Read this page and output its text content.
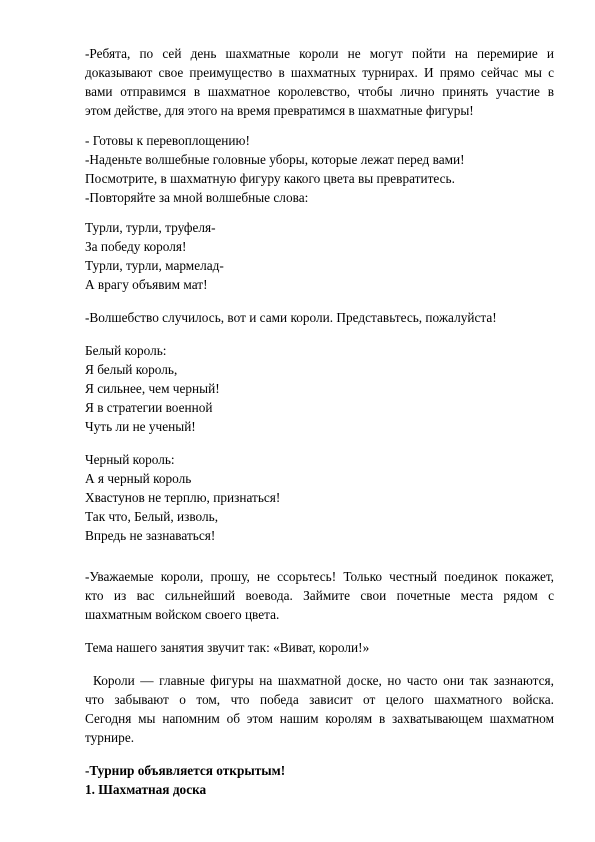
-Ребята, по сей день шахматные короли не могут пойти на перемирие и
доказывают свое преимущество в шахматных турнирах. И прямо сейчас мы с
вами отправимся в шахматное королевство, чтобы лично принять участие в
этом действе, для этого на время превратимся в шахматные фигуры!
- Готовы к перевоплощению!
-Наденьте волшебные головные уборы, которые лежат перед вами!
Посмотрите, в шахматную фигуру какого цвета вы превратитесь.
-Повторяйте за мной волшебные слова:
Турли, турли, труфеля-
За победу короля!
Турли, турли, мармелад-
А врагу объявим мат!
-Волшебство случилось, вот и сами короли. Представьтесь, пожалуйста!
Белый король:
Я белый король,
Я сильнее, чем черный!
Я в стратегии военной
Чуть ли не ученый!
Черный король:
А я черный король
Хвастунов не терплю, признаться!
Так что, Белый, изволь,
Впредь не зазнаваться!
-Уважаемые короли, прошу, не ссорьтесь! Только честный поединок покажет,
кто из вас сильнейший воевода. Займите свои почетные места рядом с
шахматным войском своего цвета.
Тема нашего занятия звучит так: «Виват, короли!»
Короли — главные фигуры на шахматной доске, но часто они так зазнаются,
что забывают о том, что победа зависит от целого шахматного войска.
Сегодня мы напомним об этом нашим королям в захватывающем шахматном
турнире.
-Турнир объявляется открытым!
1. Шахматная доска
